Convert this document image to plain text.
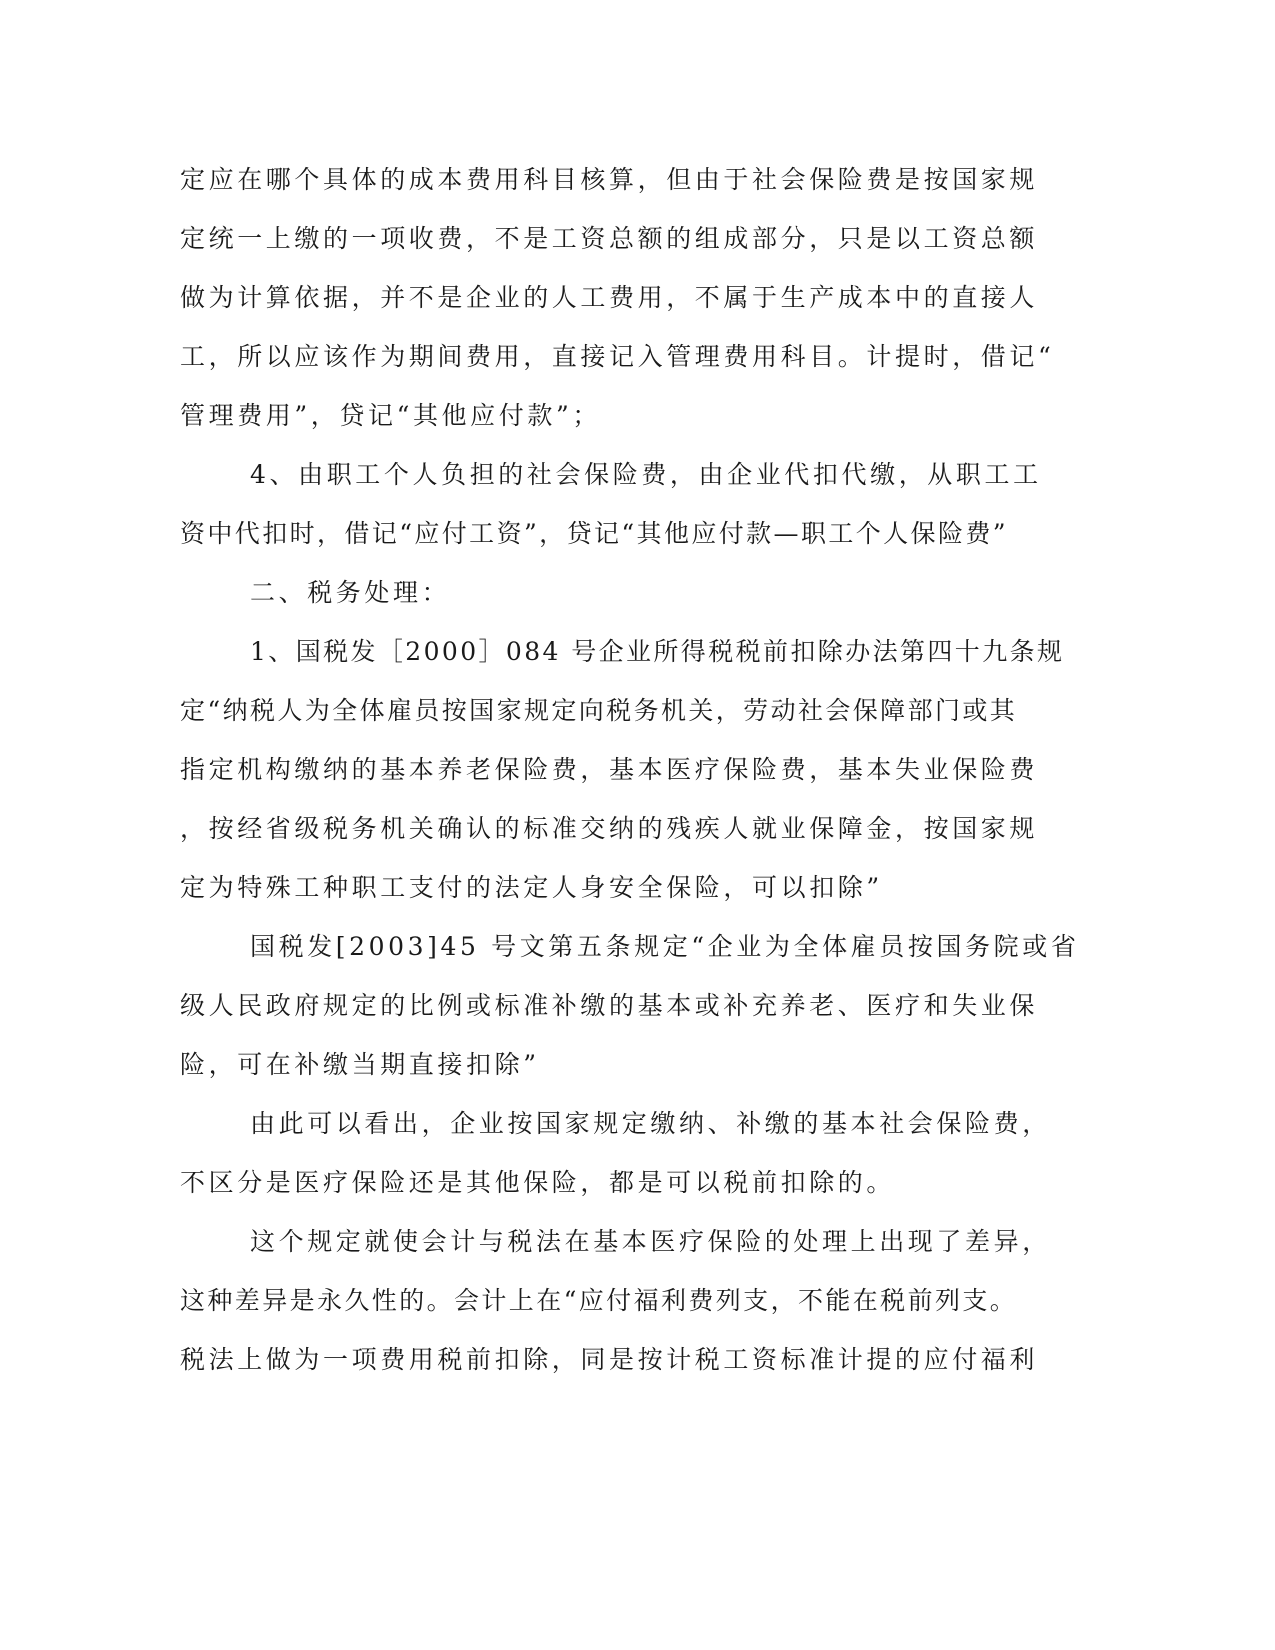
定应在哪个具体的成本费用科目核算，但由于社会保险费是按国家规
定统一上缴的一项收费，不是工资总额的组成部分，只是以工资总额
做为计算依据，并不是企业的人工费用，不属于生产成本中的直接人
工，所以应该作为期间费用，直接记入管理费用科目。计提时，借记“
管理费用”，贷记“其他应付款”；
4、由职工个人负担的社会保险费，由企业代扣代缴，从职工工
资中代扣时，借记“应付工资”，贷记“其他应付款—职工个人保险费”
二、税务处理：
1、国税发［2000］084 号企业所得税税前扣除办法第四十九条规
定“纳税人为全体雇员按国家规定向税务机关，劳动社会保障部门或其
指定机构缴纳的基本养老保险费，基本医疗保险费，基本失业保险费
，按经省级税务机关确认的标准交纳的残疾人就业保障金，按国家规
定为特殊工种职工支付的法定人身安全保险，可以扣除”
国税发[2003]45 号文第五条规定“企业为全体雇员按国务院或省
级人民政府规定的比例或标准补缴的基本或补充养老、医疗和失业保
险，可在补缴当期直接扣除”
由此可以看出，企业按国家规定缴纳、补缴的基本社会保险费，
不区分是医疗保险还是其他保险，都是可以税前扣除的。
这个规定就使会计与税法在基本医疗保险的处理上出现了差异，
这种差异是永久性的。会计上在“应付福利费列支，不能在税前列支。
税法上做为一项费用税前扣除，同是按计税工资标准计提的应付福利
